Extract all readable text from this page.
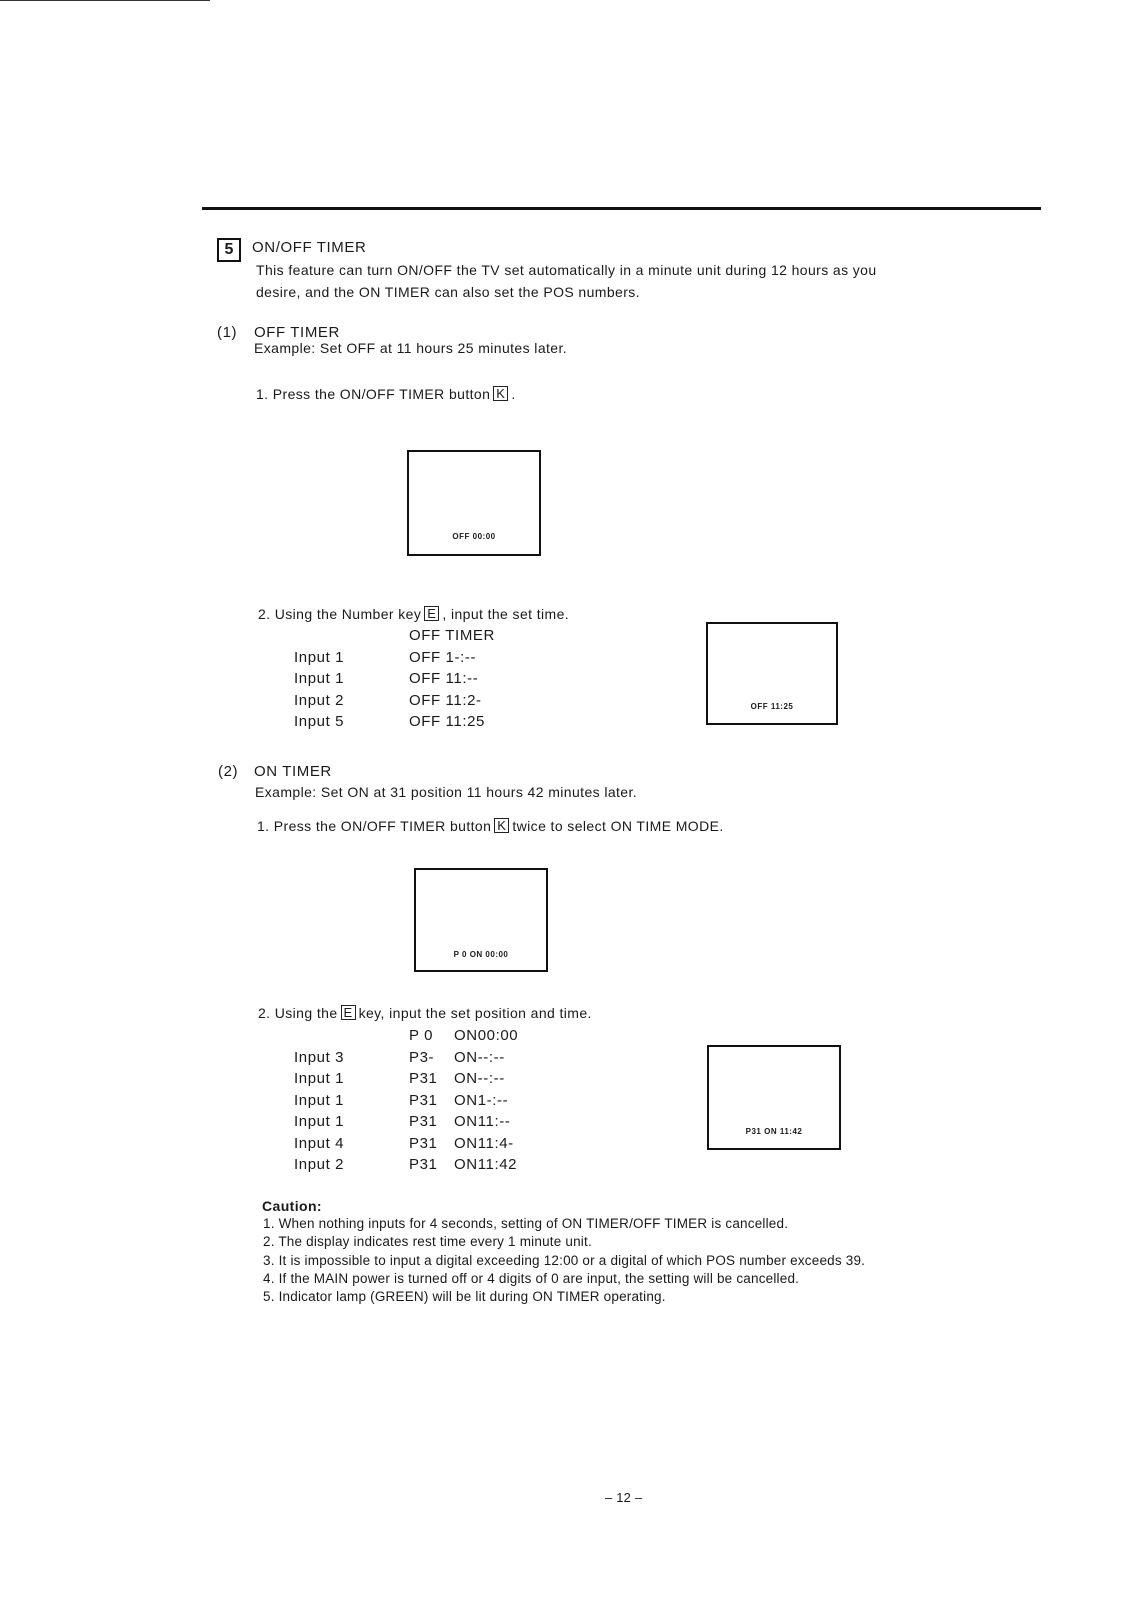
5	ON/OFF TIMER
This feature can turn ON/OFF the TV set automatically in a minute unit during 12 hours as you
desire, and the ON TIMER can also set the POS numbers.
(1) OFF TIMER
Example: Set OFF at 11 hours 25 minutes later.
1. Press the ON/OFF TIMER button K .
OFF 00:00
2. Using the Number key E , input the set time.
OFF TIMER
Input 1	OFF 1-:--
Input 1	OFF 11:--
Input 2	OFF 11:2-
Input 5	OFF 11:25
OFF 11:25
(2) ON TIMER
Example: Set ON at 31 position 11 hours 42 minutes later.
1. Press the ON/OFF TIMER button K twice to select ON TIME MODE.
P 0 ON 00:00
2. Using the E key, input the set position and time.
P 0 ON00:00
Input 3	P3- ON--:--
Input 1	P31 ON--:--
Input 1	P31 ON1-:--
Input 1	P31 ON11:--
Input 4	P31 ON11:4-
Input 2	P31 ON11:42
P31 ON 11:42
Caution:
1. When nothing inputs for 4 seconds, setting of ON TIMER/OFF TIMER is cancelled.
2. The display indicates rest time every 1 minute unit.
3. It is impossible to input a digital exceeding 12:00 or a digital of which POS number exceeds 39.
4. If the MAIN power is turned off or 4 digits of 0 are input, the setting will be cancelled.
5. Indicator lamp (GREEN) will be lit during ON TIMER operating.
– 12 –
